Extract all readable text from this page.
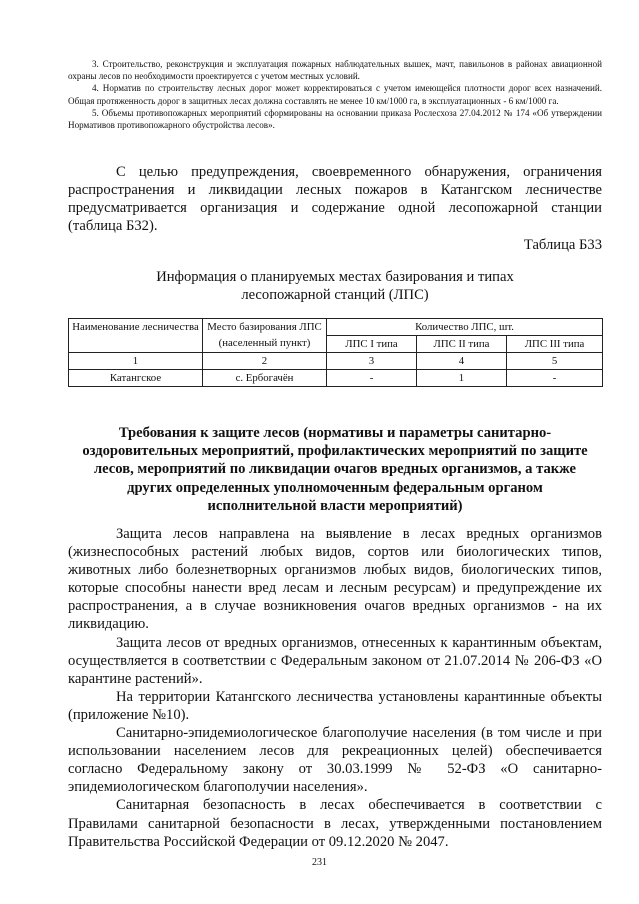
3. Строительство, реконструкция и эксплуатация пожарных наблюдательных вышек, мачт, павильонов в районах авиационной охраны лесов по необходимости проектируется с учетом местных условий.

4. Норматив по строительству лесных дорог может корректироваться с учетом имеющейся плотности дорог всех назначений. Общая протяженность дорог в защитных лесах должна составлять не менее 10 км/1000 га, в эксплуатационных - 6 км/1000 га.

5. Объемы противопожарных мероприятий сформированы на основании приказа Рослесхоза 27.04.2012 № 174 «Об утверждении Нормативов противопожарного обустройства лесов».

С целью предупреждения, своевременного обнаружения, ограничения распространения и ликвидации лесных пожаров в Катангском лесничестве предусматривается организация и содержание одной лесопожарной станции (таблица Б32).

Таблица Б33
Информация о планируемых местах базирования и типах
лесопожарной станций (ЛПС)
Наименование лесничества	Место базирования ЛПС (населенный пункт)	Количество ЛПС, шт.		
		ЛПС I типа	ЛПС II типа	ЛПС III типа
1	2	3	4	5
Катангское	с. Ербогачён	-	1	-
Требования к защите лесов (нормативы и параметры санитарно-
оздоровительных мероприятий, профилактических мероприятий по защите
лесов, мероприятий по ликвидации очагов вредных организмов, а также
других определенных уполномоченным федеральным органом
исполнительной власти мероприятий)

Защита лесов направлена на выявление в лесах вредных организмов (жизнеспособных растений любых видов, сортов или биологических типов, животных либо болезнетворных организмов любых видов, биологических типов, которые способны нанести вред лесам и лесным ресурсам) и предупреждение их распространения, а в случае возникновения очагов вредных организмов - на их ликвидацию.

Защита лесов от вредных организмов, отнесенных к карантинным объектам, осуществляется в соответствии с Федеральным законом от 21.07.2014 № 206-ФЗ «О карантине растений».

На территории Катангского лесничества установлены карантинные объекты (приложение №10).

Санитарно-эпидемиологическое благополучие населения (в том числе и при использовании населением лесов для рекреационных целей) обеспечивается согласно Федеральному закону от 30.03.1999 № 52-ФЗ «О санитарно-эпидемиологическом благополучии населения».

Санитарная безопасность в лесах обеспечивается в соответствии с Правилами санитарной безопасности в лесах, утвержденными постановлением Правительства Российской Федерации от 09.12.2020 № 2047.

231
